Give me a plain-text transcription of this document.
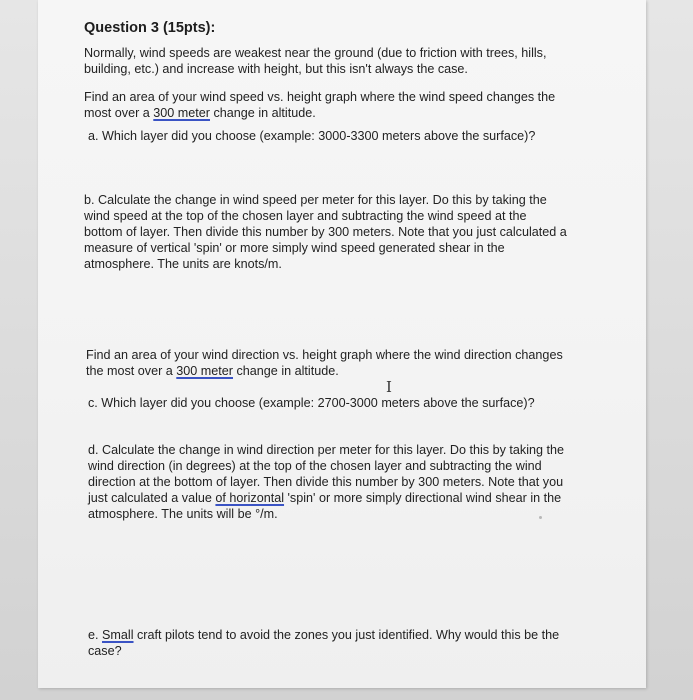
Question 3 (15pts):
Normally, wind speeds are weakest near the ground (due to friction with trees, hills,
building, etc.) and increase with height, but this isn't always the case.
Find an area of your wind speed vs. height graph where the wind speed changes the
most over a 300 meter change in altitude.
a. Which layer did you choose (example: 3000-3300 meters above the surface)?
b. Calculate the change in wind speed per meter for this layer. Do this by taking the
wind speed at the top of the chosen layer and subtracting the wind speed at the
bottom of layer. Then divide this number by 300 meters. Note that you just calculated a
measure of vertical 'spin' or more simply wind speed generated shear in the
atmosphere. The units are knots/m.
Find an area of your wind direction vs. height graph where the wind direction changes
the most over a 300 meter change in altitude.
I
c. Which layer did you choose (example: 2700-3000 meters above the surface)?
d. Calculate the change in wind direction per meter for this layer. Do this by taking the
wind direction (in degrees) at the top of the chosen layer and subtracting the wind
direction at the bottom of layer. Then divide this number by 300 meters. Note that you
just calculated a value of horizontal 'spin' or more simply directional wind shear in the
atmosphere. The units will be °/m.
e. Small craft pilots tend to avoid the zones you just identified. Why would this be the
case?
